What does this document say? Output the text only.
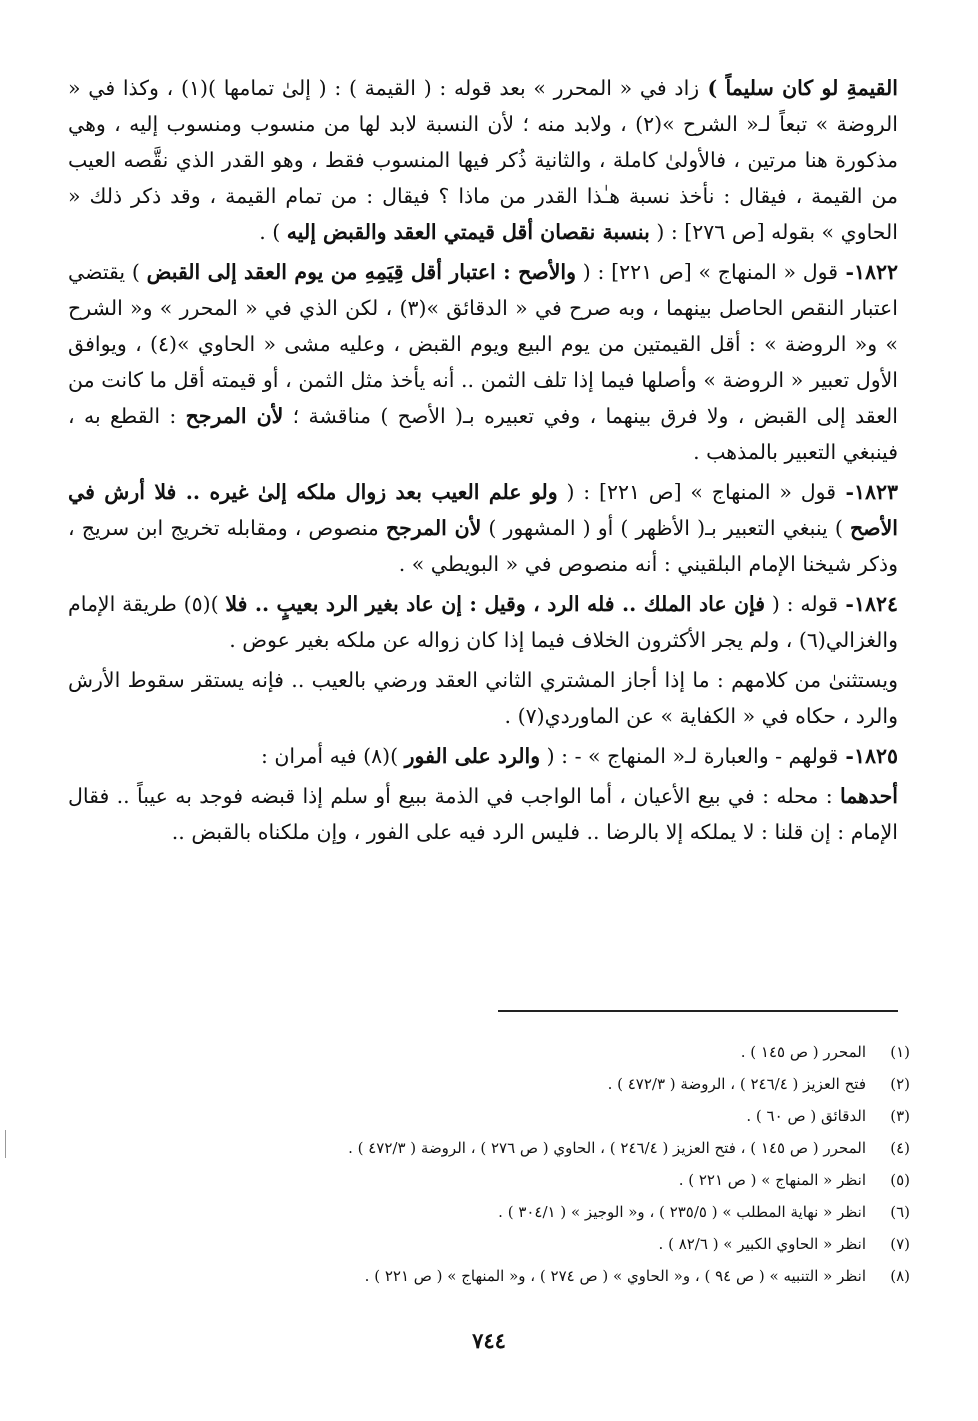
القيمةِ لو كان سليماً ) زاد في « المحرر » بعد قوله : ( القيمة ) : ( إلىٰ تمامها )(١) ، وكذا في « الروضة » تبعاً لـ« الشرح »(٢) ، ولابد منه ؛ لأن النسبة لابد لها من منسوب ومنسوب إليه ، وهي مذكورة هنا مرتين ، فالأولىٰ كاملة ، والثانية ذُكر فيها المنسوب فقط ، وهو القدر الذي نقَّصه العيب من القيمة ، فيقال : نأخذ نسبة هـٰذا القدر من ماذا ؟ فيقال : من تمام القيمة ، وقد ذكر ذلك « الحاوي » بقوله [ص ٢٧٦] : ( بنسبة نقصان أقل قيمتي العقد والقبض إليه ) .

١٨٢٢- قول « المنهاج » [ص ٢٢١] : ( والأصح : اعتبار أقل قِيَمِهِ من يوم العقد إلى القبض ) يقتضي اعتبار النقص الحاصل بينهما ، وبه صرح في « الدقائق »(٣) ، لكن الذي في « المحرر » و« الشرح » و« الروضة » : أقل القيمتين من يوم البيع ويوم القبض ، وعليه مشى « الحاوي »(٤) ، ويوافق الأول تعبير « الروضة » وأصلها فيما إذا تلف الثمن .. أنه يأخذ مثل الثمن ، أو قيمته أقل ما كانت من العقد إلى القبض ، ولا فرق بينهما ، وفي تعبيره بـ( الأصح ) مناقشة ؛ لأن المرجح : القطع به ، فينبغي التعبير بالمذهب .

١٨٢٣- قول « المنهاج » [ص ٢٢١] : ( ولو علم العيب بعد زوال ملكه إلىٰ غيره .. فلا أرش في الأصح ) ينبغي التعبير بـ( الأظهر ) أو ( المشهور ) لأن المرجح منصوص ، ومقابله تخريج ابن سريج ، وذكر شيخنا الإمام البلقيني : أنه منصوص في « البويطي » .

١٨٢٤- قوله : ( فإن عاد الملك .. فله الرد ، وقيل : إن عاد بغير الرد بعيبٍ .. فلا )(٥) طريقة الإمام والغزالي(٦) ، ولم يجر الأكثرون الخلاف فيما إذا كان زواله عن ملكه بغير عوض .

ويستثنىٰ من كلامهم : ما إذا أجاز المشتري الثاني العقد ورضي بالعيب .. فإنه يستقر سقوط الأرش والرد ، حكاه في « الكفاية » عن الماوردي(٧) .

١٨٢٥- قولهم - والعبارة لـ« المنهاج » - : ( والرد على الفور )(٨) فيه أمران :

أحدهما : محله : في بيع الأعيان ، أما الواجب في الذمة ببيع أو سلم إذا قبضه فوجد به عيباً .. فقال الإمام : إن قلنا : لا يملكه إلا بالرضا .. فليس الرد فيه على الفور ، وإن ملكناه بالقبض ..

(١)
المحرر ( ص ١٤٥ ) .
(٢)
فتح العزيز ( ٢٤٦/٤ ) ، الروضة ( ٤٧٢/٣ ) .
(٣)
الدقائق ( ص ٦٠ ) .
(٤)
المحرر ( ص ١٤٥ ) ، فتح العزيز ( ٢٤٦/٤ ) ، الحاوي ( ص ٢٧٦ ) ، الروضة ( ٤٧٢/٣ ) .
(٥)
انظر « المنهاج » ( ص ٢٢١ ) .
(٦)
انظر « نهاية المطلب » ( ٢٣٥/٥ ) ، و« الوجيز » ( ٣٠٤/١ ) .
(٧)
انظر « الحاوي الكبير » ( ٨٢/٦ ) .
(٨)
انظر « التنبيه » ( ص ٩٤ ) ، و« الحاوي » ( ص ٢٧٤ ) ، و« المنهاج » ( ص ٢٢١ ) .
٧٤٤
